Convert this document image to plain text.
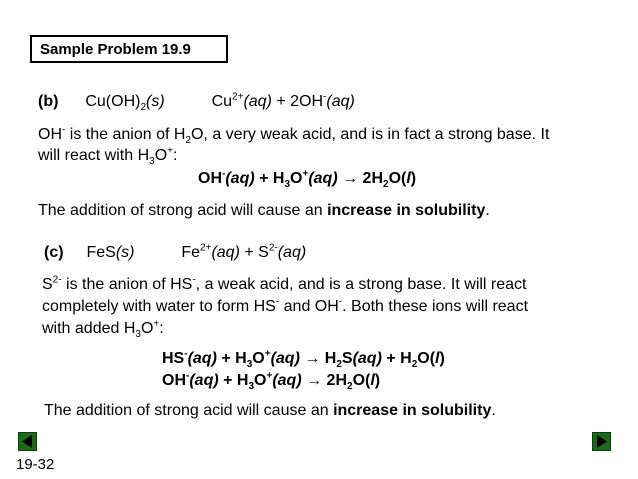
Sample Problem 19.9
(b) $Cu(OH)_2(s)$	$Cu^{2+}(aq) + 2OH^-(aq)$
OH- is the anion of $H_2O$, a very weak acid, and is in fact a strong base. It
will react with $H_3O^+$:
$OH^-(aq) + H_3O^+(aq) \to 2H_2O(l)$
The addition of strong acid will cause an increase in solubility.
(c) FeS(s)	$Fe^{2+}(aq) + S^{2-}(aq)$
$S^{2-}$ is the anion of HS-, a weak acid, and is a strong base. It will react
completely with water to form HS- and OH-. Both these ions will react
with added $H_3O^+$:
$HS^-(aq) + H_3O^+(aq) \to H_2S(aq) + H_2O(l)$
$OH^-(aq) + H_3O^+(aq) \to 2H_2O(l)$
The addition of strong acid will cause an increase in solubility.
19-32
